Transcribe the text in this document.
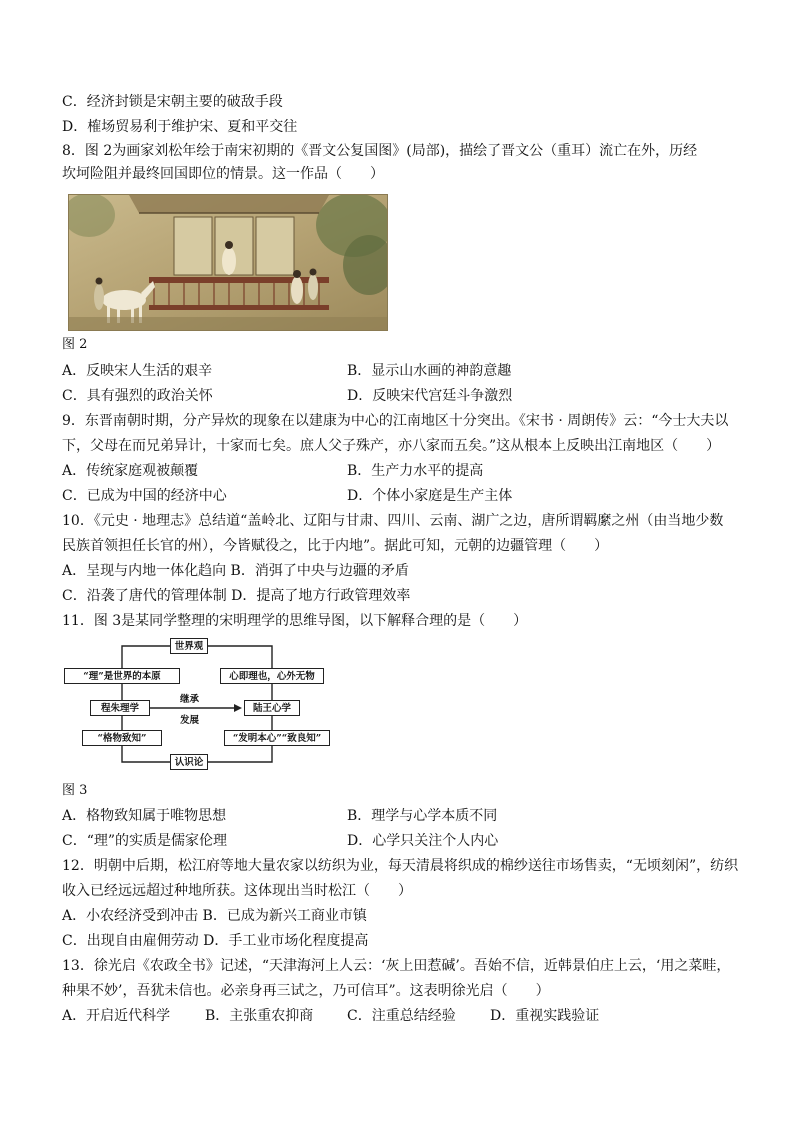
C．经济封锁是宋朝主要的破敌手段
D．榷场贸易利于维护宋、夏和平交往
8．图 2为画家刘松年绘于南宋初期的《晋文公复国图》(局部)，描绘了晋文公（重耳）流亡在外，历经
坎坷险阻并最终回国即位的情景。这一作品（　　）
图 2
A．反映宋人生活的艰辛	B．显示山水画的神韵意趣
C．具有强烈的政治关怀	D．反映宋代宫廷斗争激烈
9．东晋南朝时期，分产异炊的现象在以建康为中心的江南地区十分突出。《宋书 · 周朗传》云：“今士大夫以
下，父母在而兄弟异计，十家而七矣。庶人父子殊产，亦八家而五矣。”这从根本上反映出江南地区（　　）
A．传统家庭观被颠覆	B．生产力水平的提高
C．已成为中国的经济中心	D．个体小家庭是生产主体
10．《元史 · 地理志》总结道“盖岭北、辽阳与甘肃、四川、云南、湖广之边，唐所谓羁縻之州（由当地少数
民族首领担任长官的州），今皆赋役之，比于内地”。据此可知，元朝的边疆管理（　　）
A．呈现与内地一体化趋向 B．消弭了中央与边疆的矛盾
C．沿袭了唐代的管理体制 D．提高了地方行政管理效率
11．图 3是某同学整理的宋明理学的思维导图，以下解释合理的是（　　）
世界观
“理”是世界的本原	心即理也，心外无物
程朱理学	陆王心学
继承
发展
“格物致知”	“发明本心”“致良知”
认识论
图 3
A．格物致知属于唯物思想	B．理学与心学本质不同
C．“理”的实质是儒家伦理	D．心学只关注个人内心
12．明朝中后期，松江府等地大量农家以纺织为业，每天清晨将织成的棉纱送往市场售卖，“无顷刻闲”，纺织
收入已经远远超过种地所获。这体现出当时松江（　　）
A．小农经济受到冲击 B．已成为新兴工商业市镇
C．出现自由雇佣劳动 D．手工业市场化程度提高
13．徐光启《农政全书》记述，“天津海河上人云：‘灰上田惹碱’。吾始不信，近韩景伯庄上云，‘用之菜畦，
种果不妙’，吾犹未信也。必亲身再三试之，乃可信耳”。这表明徐光启（　　）
A．开启近代科学 B．主张重农抑商 C．注重总结经验 D．重视实践验证
